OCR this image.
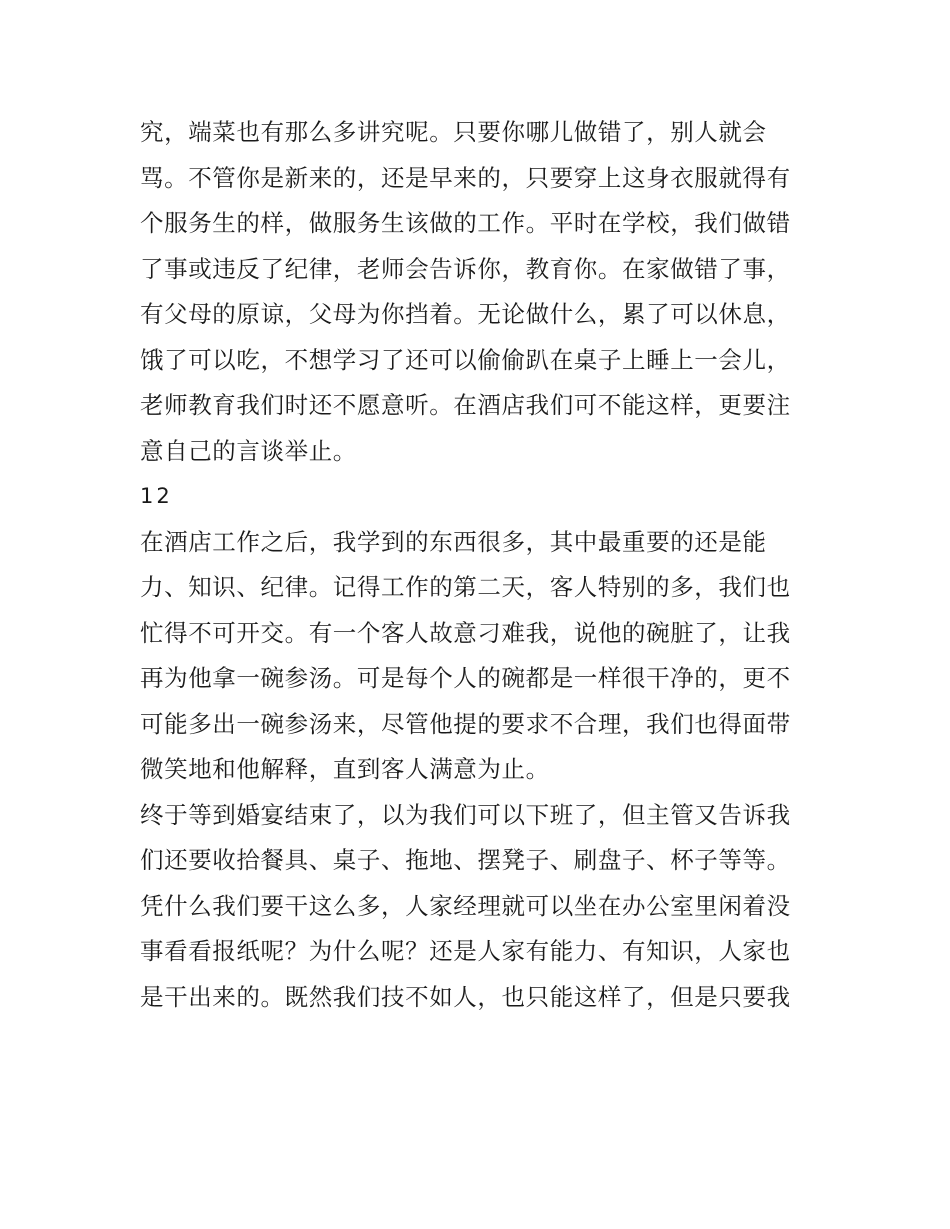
究，端菜也有那么多讲究呢。只要你哪儿做错了，别人就会
骂。不管你是新来的，还是早来的，只要穿上这身衣服就得有
个服务生的样，做服务生该做的工作。平时在学校，我们做错
了事或违反了纪律，老师会告诉你，教育你。在家做错了事，
有父母的原谅，父母为你挡着。无论做什么，累了可以休息，
饿了可以吃，不想学习了还可以偷偷趴在桌子上睡上一会儿，
老师教育我们时还不愿意听。在酒店我们可不能这样，更要注
意自己的言谈举止。
12
在酒店工作之后，我学到的东西很多，其中最重要的还是能
力、知识、纪律。记得工作的第二天，客人特别的多，我们也
忙得不可开交。有一个客人故意刁难我，说他的碗脏了，让我
再为他拿一碗参汤。可是每个人的碗都是一样很干净的，更不
可能多出一碗参汤来，尽管他提的要求不合理，我们也得面带
微笑地和他解释，直到客人满意为止。
终于等到婚宴结束了，以为我们可以下班了，但主管又告诉我
们还要收拾餐具、桌子、拖地、摆凳子、刷盘子、杯子等等。
凭什么我们要干这么多，人家经理就可以坐在办公室里闲着没
事看看报纸呢？为什么呢？还是人家有能力、有知识，人家也
是干出来的。既然我们技不如人，也只能这样了，但是只要我
